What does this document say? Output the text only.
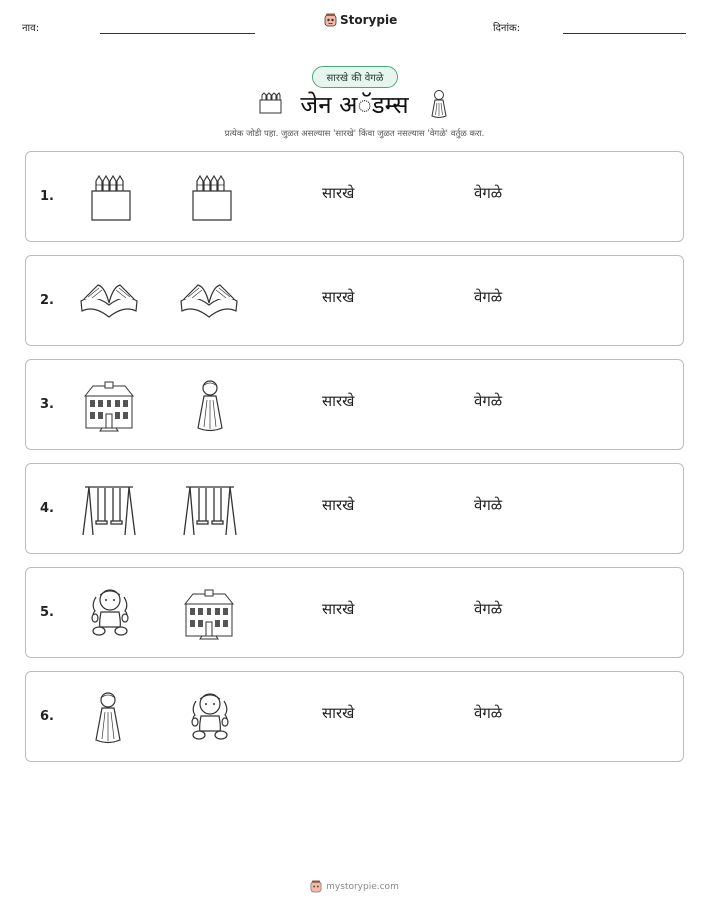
नाव:
Storypie
दिनांक:
सारखे की वेगळे
जेन अॅडम्स
प्रत्येक जोडी पहा. जुळत असल्यास 'सारखे' किंवा जुळत नसल्यास 'वेगळे' वर्तुळ करा.
1.	सारखे	वेगळे
2.	सारखे	वेगळे
3.	सारखे	वेगळे
4.	सारखे	वेगळे
5.	सारखे	वेगळे
6.	सारखे	वेगळे
mystorypie.com
